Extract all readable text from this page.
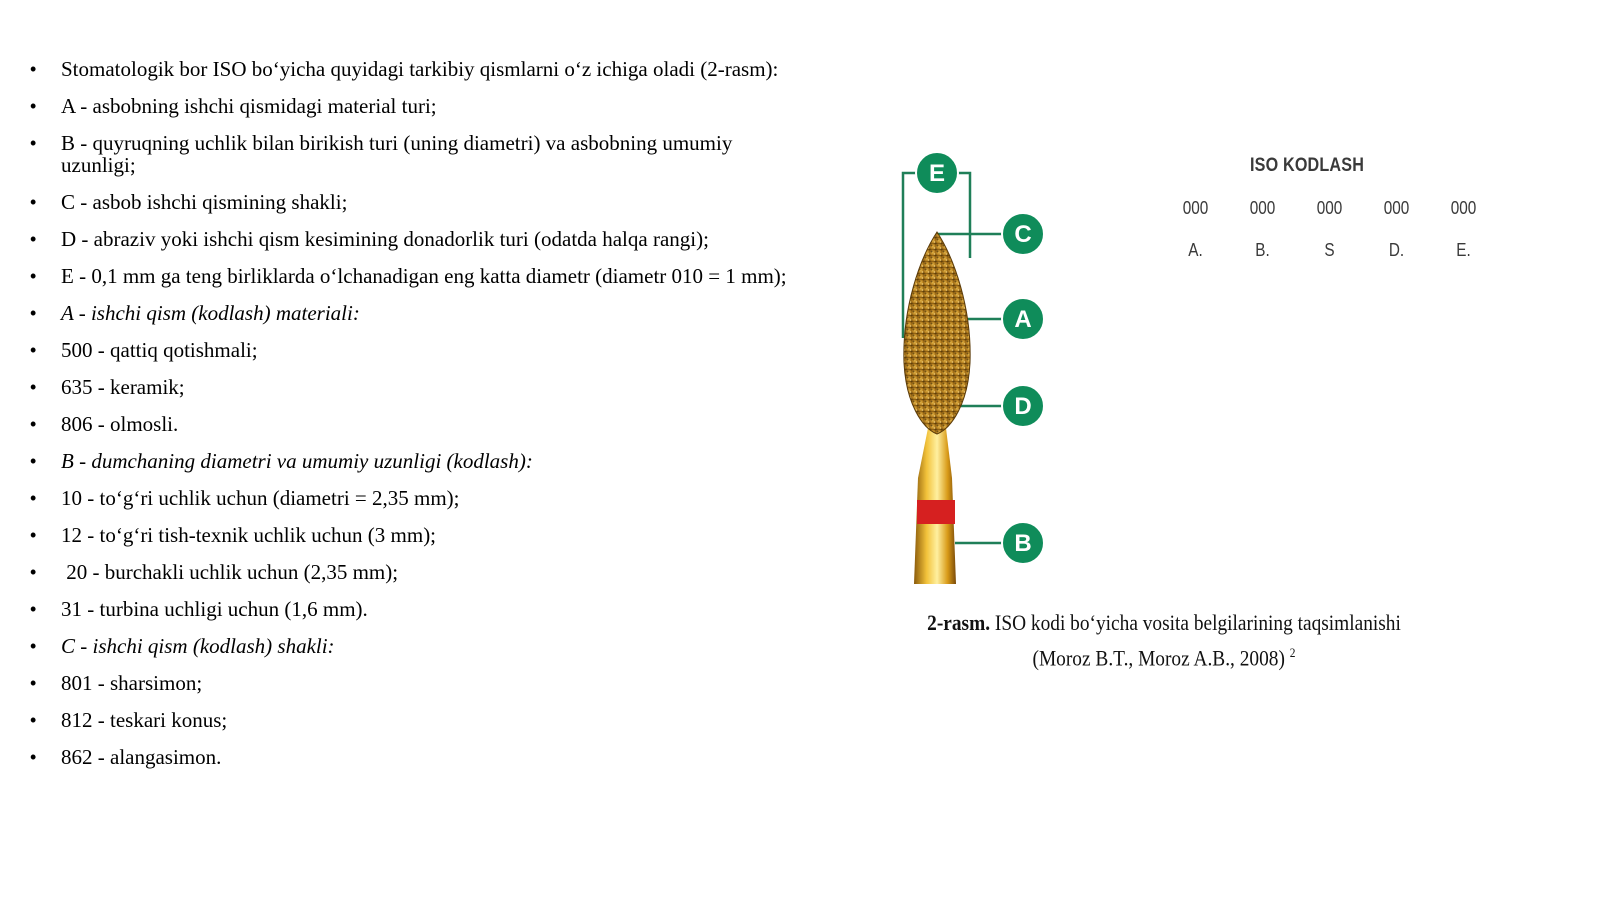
• Stomatologik bor ISO bo‘yicha quyidagi tarkibiy qismlarni o‘z ichiga oladi (2-rasm):
• A - asbobning ishchi qismidagi material turi;
• B - quyruqning uchlik bilan birikish turi (uning diametri) va asbobning umumiy uzunligi;
• C - asbob ishchi qismining shakli;
• D - abraziv yoki ishchi qism kesimining donadorlik turi (odatda halqa rangi);
• E - 0,1 mm ga teng birliklarda o‘lchanadigan eng katta diametr (diametr 010 = 1 mm);
• A - ishchi qism (kodlash) materiali:
• 500 - qattiq qotishmali;
• 635 - keramik;
• 806 - olmosli.
• B - dumchaning diametri va umumiy uzunligi (kodlash):
• 10 - to‘g‘ri uchlik uchun (diametri = 2,35 mm);
• 12 - to‘g‘ri tish-texnik uchlik uchun (3 mm);
• 20 - burchakli uchlik uchun (2,35 mm);
• 31 - turbina uchligi uchun (1,6 mm).
• C - ishchi qism (kodlash) shakli:
• 801 - sharsimon;
• 812 - teskari konus;
• 862 - alangasimon.
E
C
A
D
B
ISO KODLASH
000	000	000	000	000
A.	B.	S	D.	E.
2-rasm. ISO kodi bo‘yicha vosita belgilarining taqsimlanishi
(Moroz B.T., Moroz A.B., 2008) $^2$
